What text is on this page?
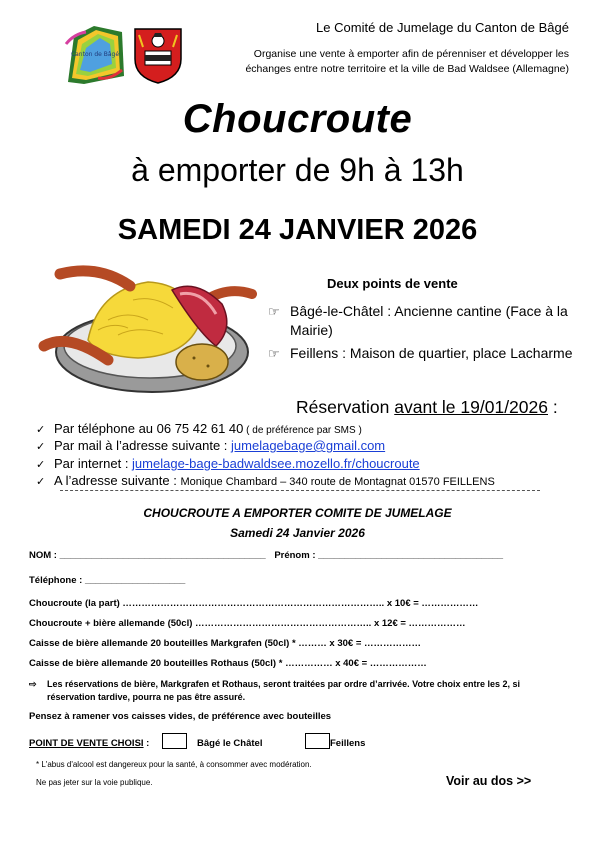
Le Comité de Jumelage du Canton de Bâgé
Organise une vente à emporter afin de pérenniser et développer les
échanges entre notre territoire et la ville de Bad Waldsee (Allemagne)
Canton de Bâgé
Choucroute
à emporter de 9h à 13h
SAMEDI 24 JANVIER 2026
Deux points de vente
☞ Bâgé-le-Châtel : Ancienne cantine (Face à la Mairie)
☞ Feillens : Maison de quartier, place Lacharme
Réservation avant le 19/01/2026 :
✓ Par téléphone au 06 75 42 61 40 ( de préférence par SMS )
✓ Par mail à l’adresse suivante : jumelagebage@gmail.com
✓ Par internet : jumelage-bage-badwaldsee.mozello.fr/choucroute
✓ A l’adresse suivante : Monique Chambard – 340 route de Montagnat 01570 FEILLENS
CHOUCROUTE A EMPORTER COMITE DE JUMELAGE
Samedi 24 Janvier 2026
NOM : _______________________________________ Prénom : ___________________________________
Téléphone : ___________________
Choucroute (la part) ……………………………………………………………………….. x 10€ = ………………
Choucroute + bière allemande (50cl) ……………………………………………….. x 12€ = ………………
Caisse de bière allemande 20 bouteilles Markgrafen (50cl) * ……… x 30€ = ………………
Caisse de bière allemande 20 bouteilles Rothaus (50cl) * …………… x 40€ = ………………
⇨ Les réservations de bière, Markgrafen et Rothaus, seront traitées par ordre d’arrivée. Votre choix entre les 2, si réservation tardive, pourra ne pas être assuré.
Pensez à ramener vos caisses vides, de préférence avec bouteilles
POINT DE VENTE CHOISI :	Bâgé le Châtel	Feillens
* L'abus d'alcool est dangereux pour la santé, à consommer avec modération.
Ne pas jeter sur la voie publique.	Voir au dos >>
